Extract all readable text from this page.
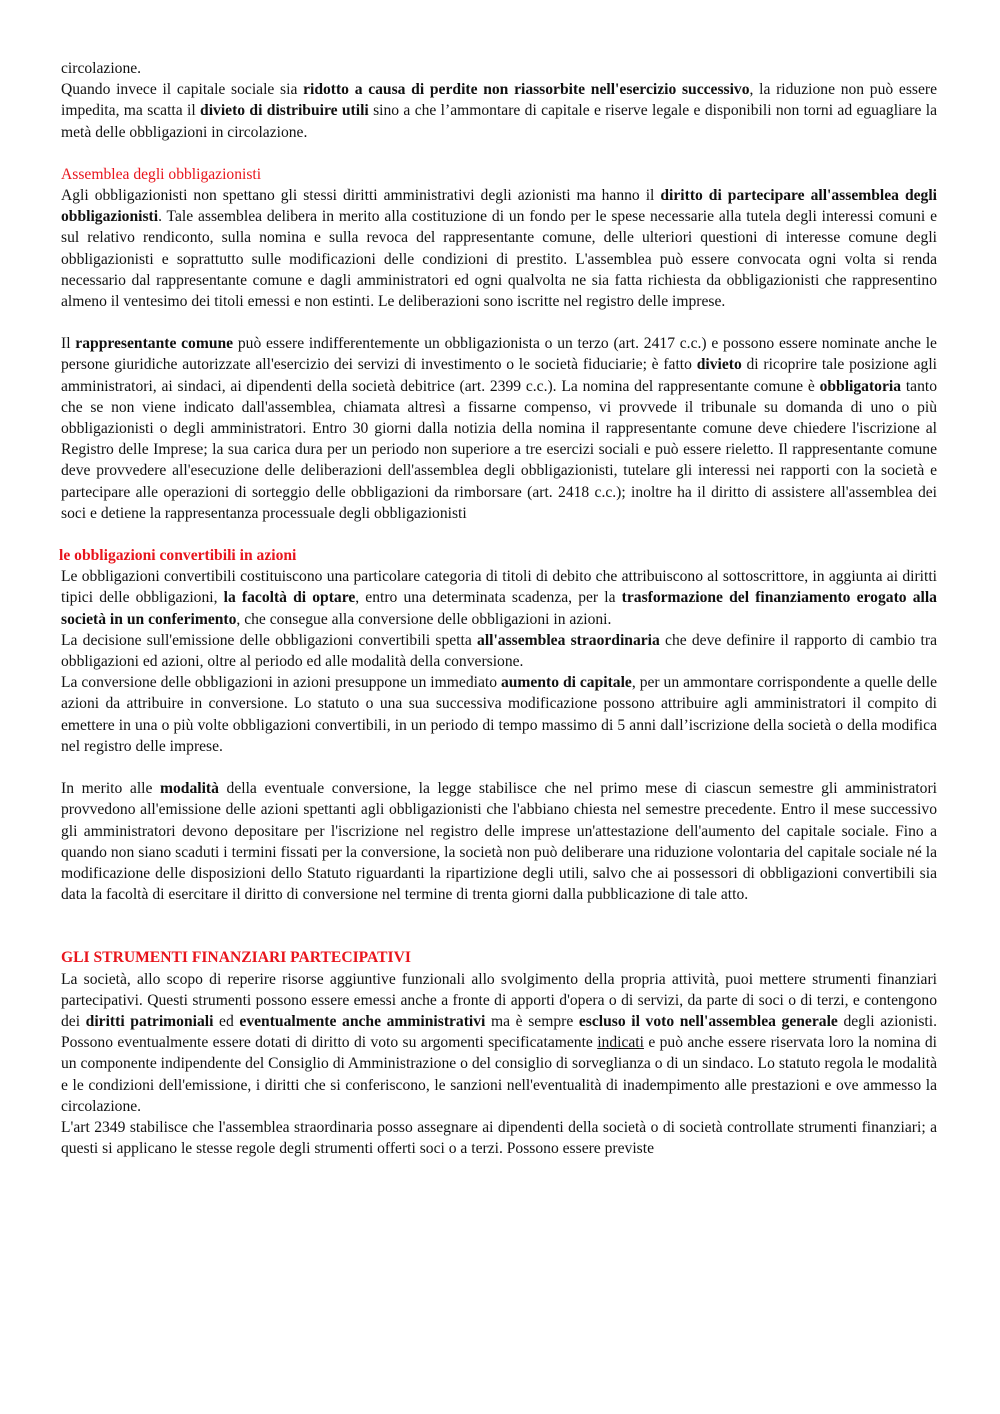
circolazione.

Quando invece il capitale sociale sia ridotto a causa di perdite non riassorbite nell'esercizio successivo, la riduzione non può essere impedita, ma scatta il divieto di distribuire utili sino a che l’ammontare di capitale e riserve legale e disponibili non torni ad eguagliare la metà delle obbligazioni in circolazione.

Assemblea degli obbligazionisti

Agli obbligazionisti non spettano gli stessi diritti amministrativi degli azionisti ma hanno il diritto di partecipare all'assemblea degli obbligazionisti. Tale assemblea delibera in merito alla costituzione di un fondo per le spese necessarie alla tutela degli interessi comuni e sul relativo rendiconto, sulla nomina e sulla revoca del rappresentante comune, delle ulteriori questioni di interesse comune degli obbligazionisti e soprattutto sulle modificazioni delle condizioni di prestito. L'assemblea può essere convocata ogni volta si renda necessario dal rappresentante comune e dagli amministratori ed ogni qualvolta ne sia fatta richiesta da obbligazionisti che rappresentino almeno il ventesimo dei titoli emessi e non estinti. Le deliberazioni sono iscritte nel registro delle imprese.

Il rappresentante comune può essere indifferentemente un obbligazionista o un terzo (art. 2417 c.c.) e possono essere nominate anche le persone giuridiche autorizzate all'esercizio dei servizi di investimento o le società fiduciarie; è fatto divieto di ricoprire tale posizione agli amministratori, ai sindaci, ai dipendenti della società debitrice (art. 2399 c.c.). La nomina del rappresentante comune è obbligatoria tanto che se non viene indicato dall'assemblea, chiamata altresì a fissarne compenso, vi provvede il tribunale su domanda di uno o più obbligazionisti o degli amministratori. Entro 30 giorni dalla notizia della nomina il rappresentante comune deve chiedere l'iscrizione al Registro delle Imprese; la sua carica dura per un periodo non superiore a tre esercizi sociali e può essere rieletto. Il rappresentante comune deve provvedere all'esecuzione delle deliberazioni dell'assemblea degli obbligazionisti, tutelare gli interessi nei rapporti con la società e partecipare alle operazioni di sorteggio delle obbligazioni da rimborsare (art. 2418 c.c.); inoltre ha il diritto di assistere all'assemblea dei soci e detiene la rappresentanza processuale degli obbligazionisti

le obbligazioni convertibili in azioni

Le obbligazioni convertibili costituiscono una particolare categoria di titoli di debito che attribuiscono al sottoscrittore, in aggiunta ai diritti tipici delle obbligazioni, la facoltà di optare, entro una determinata scadenza, per la trasformazione del finanziamento erogato alla società in un conferimento, che consegue alla conversione delle obbligazioni in azioni.

La decisione sull'emissione delle obbligazioni convertibili spetta all'assemblea straordinaria che deve definire il rapporto di cambio tra obbligazioni ed azioni, oltre al periodo ed alle modalità della conversione.

La conversione delle obbligazioni in azioni presuppone un immediato aumento di capitale, per un ammontare corrispondente a quelle delle azioni da attribuire in conversione. Lo statuto o una sua successiva modificazione possono attribuire agli amministratori il compito di emettere in una o più volte obbligazioni convertibili, in un periodo di tempo massimo di 5 anni dall’iscrizione della società o della modifica nel registro delle imprese.

In merito alle modalità della eventuale conversione, la legge stabilisce che nel primo mese di ciascun semestre gli amministratori provvedono all'emissione delle azioni spettanti agli obbligazionisti che l'abbiano chiesta nel semestre precedente. Entro il mese successivo gli amministratori devono depositare per l'iscrizione nel registro delle imprese un'attestazione dell'aumento del capitale sociale. Fino a quando non siano scaduti i termini fissati per la conversione, la società non può deliberare una riduzione volontaria del capitale sociale né la modificazione delle disposizioni dello Statuto riguardanti la ripartizione degli utili, salvo che ai possessori di obbligazioni convertibili sia data la facoltà di esercitare il diritto di conversione nel termine di trenta giorni dalla pubblicazione di tale atto.

GLI STRUMENTI FINANZIARI PARTECIPATIVI

La società, allo scopo di reperire risorse aggiuntive funzionali allo svolgimento della propria attività, puoi mettere strumenti finanziari partecipativi. Questi strumenti possono essere emessi anche a fronte di apporti d'opera o di servizi, da parte di soci o di terzi, e contengono dei diritti patrimoniali ed eventualmente anche amministrativi ma è sempre escluso il voto nell'assemblea generale degli azionisti. Possono eventualmente essere dotati di diritto di voto su argomenti specificatamente indicati e può anche essere riservata loro la nomina di un componente indipendente del Consiglio di Amministrazione o del consiglio di sorveglianza o di un sindaco. Lo statuto regola le modalità e le condizioni dell'emissione, i diritti che si conferiscono, le sanzioni nell'eventualità di inadempimento alle prestazioni e ove ammesso la circolazione.

L'art 2349 stabilisce che l'assemblea straordinaria posso assegnare ai dipendenti della società o di società controllate strumenti finanziari; a questi si applicano le stesse regole degli strumenti offerti soci o a terzi. Possono essere previste
